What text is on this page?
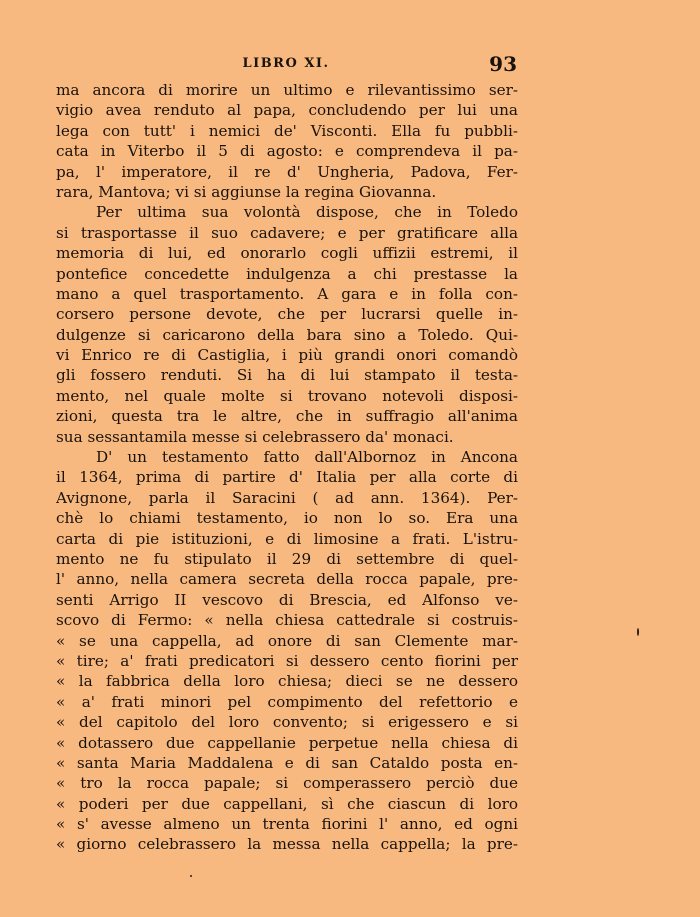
LIBRO XI.	93
ma ancora di morire un ultimo e rilevantissimo ser-
vigio avea renduto al papa, concludendo per lui una
lega con tutt' i nemici de' Visconti. Ella fu pubbli-
cata in Viterbo il 5 di agosto: e comprendeva il pa-
pa, l' imperatore, il re d' Ungheria, Padova, Fer-
rara, Mantova; vi si aggiunse la regina Giovanna.
Per ultima sua volontà dispose, che in Toledo
si trasportasse il suo cadavere; e per gratificare alla
memoria di lui, ed onorarlo cogli uffizii estremi, il
pontefice concedette indulgenza a chi prestasse la
mano a quel trasportamento. A gara e in folla con-
corsero persone devote, che per lucrarsi quelle in-
dulgenze si caricarono della bara sino a Toledo. Qui-
vi Enrico re di Castiglia, i più grandi onori comandò
gli fossero renduti. Si ha di lui stampato il testa-
mento, nel quale molte si trovano notevoli disposi-
zioni, questa tra le altre, che in suffragio all'anima
sua sessantamila messe si celebrassero da' monaci.
D' un testamento fatto dall'Albornoz in Ancona
il 1364, prima di partire d' Italia per alla corte di
Avignone, parla il Saracini ( ad ann. 1364). Per-
chè lo chiami testamento, io non lo so. Era una
carta di pie istituzioni, e di limosine a frati. L'istru-
mento ne fu stipulato il 29 di settembre di quel-
l' anno, nella camera secreta della rocca papale, pre-
senti Arrigo II vescovo di Brescia, ed Alfonso ve-
scovo di Fermo: « nella chiesa cattedrale si costruis-
« se una cappella, ad onore di san Clemente mar-
« tire; a' frati predicatori si dessero cento fiorini per
« la fabbrica della loro chiesa; dieci se ne dessero
« a' frati minori pel compimento del refettorio e
« del capitolo del loro convento; si erigessero e si
« dotassero due cappellanie perpetue nella chiesa di
« santa Maria Maddalena e di san Cataldo posta en-
« tro la rocca papale; si comperassero perciò due
« poderi per due cappellani, sì che ciascun di loro
« s' avesse almeno un trenta fiorini l' anno, ed ogni
« giorno celebrassero la messa nella cappella; la pre-
